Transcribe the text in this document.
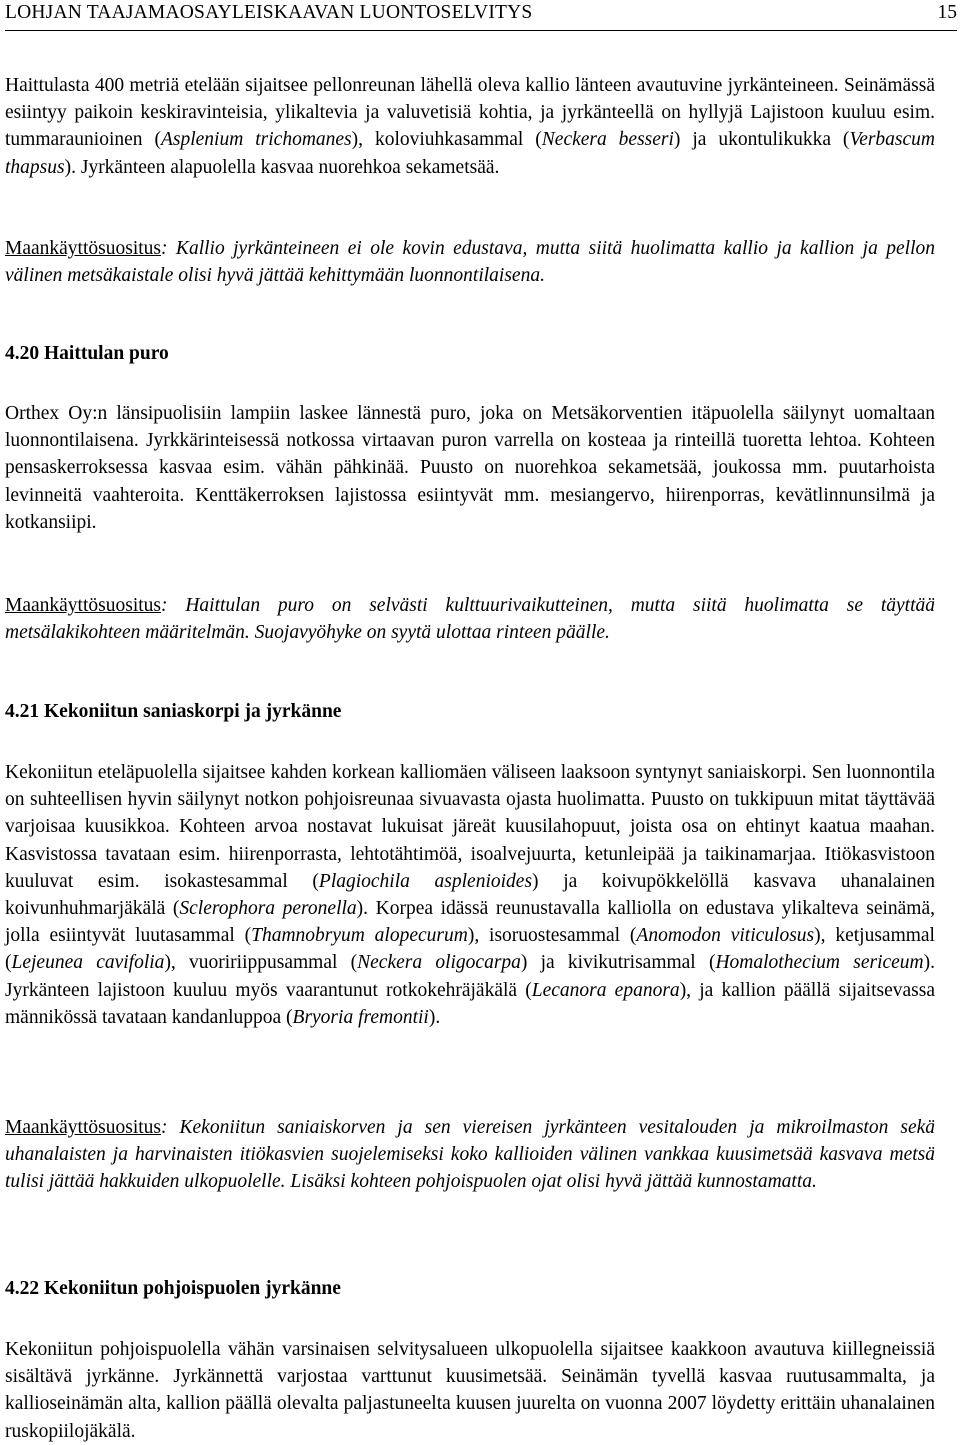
LOHJAN TAAJAMAOSAYLEISKAAVAN LUONTOSELVITYS	15
Haittulasta 400 metriä etelään sijaitsee pellonreunan lähellä oleva kallio länteen avautuvine jyrkänteineen. Seinämässä esiintyy paikoin keskiravinteisia, ylikaltevia ja valuvetisiä kohtia, ja jyrkänteellä on hyllyjä Lajistoon kuuluu esim. tummaraunioinen (Asplenium trichomanes), koloviuhkasammal (Neckera besseri) ja ukontulikukka (Verbascum thapsus). Jyrkänteen alapuolella kasvaa nuorehkoa sekametsää.
Maankäyttösuositus: Kallio jyrkänteineen ei ole kovin edustava, mutta siitä huolimatta kallio ja kallion ja pellon välinen metsäkaistale olisi hyvä jättää kehittymään luonnontilaisena.
4.20 Haittulan puro
Orthex Oy:n länsipuolisiin lampiin laskee lännestä puro, joka on Metsäkorventien itäpuolella säilynyt uomaltaan luonnontilaisena. Jyrkkärinteisessä notkossa virtaavan puron varrella on kosteaa ja rinteillä tuoretta lehtoa. Kohteen pensaskerroksessa kasvaa esim. vähän pähkinää. Puusto on nuorehkoa sekametsää, joukossa mm. puutarhoista levinneitä vaahteroita. Kenttäkerroksen lajistossa esiintyvät mm. mesiangervo, hiirenporras, kevätlinnunsilmä ja kotkansiipi.
Maankäyttösuositus: Haittulan puro on selvästi kulttuurivaikutteinen, mutta siitä huolimatta se täyttää metsälakikohteen määritelmän. Suojavyöhyke on syytä ulottaa rinteen päälle.
4.21 Kekoniitun saniaskorpi ja jyrkänne
Kekoniitun eteläpuolella sijaitsee kahden korkean kalliomäen väliseen laaksoon syntynyt saniaiskorpi. Sen luonnontila on suhteellisen hyvin säilynyt notkon pohjoisreunaa sivuavasta ojasta huolimatta. Puusto on tukkipuun mitat täyttävää varjoisaa kuusikkoa. Kohteen arvoa nostavat lukuisat järeät kuusilahopuut, joista osa on ehtinyt kaatua maahan. Kasvistossa tavataan esim. hiirenporrasta, lehtotähtimöä, isoalvejuurta, ketunleipää ja taikinamarjaa. Itiökasvistoon kuuluvat esim. isokastesammal (Plagiochila asplenioides) ja koivupökkelöllä kasvava uhanalainen koivunhuhmarjäkälä (Sclerophora peronella). Korpea idässä reunustavalla kalliolla on edustava ylikalteva seinämä, jolla esiintyvät luutasammal (Thamnobryum alopecurum), isoruostesammal (Anomodon viticulosus), ketjusammal (Lejeunea cavifolia), vuoririippusammal (Neckera oligocarpa) ja kivikutrisammal (Homalothecium sericeum). Jyrkänteen lajistoon kuuluu myös vaarantunut rotkokehräjäkälä (Lecanora epanora), ja kallion päällä sijaitsevassa männikössä tavataan kandanluppoa (Bryoria fremontii).
Maankäyttösuositus: Kekoniitun saniaiskorven ja sen viereisen jyrkänteen vesitalouden ja mikroilmaston sekä uhanalaisten ja harvinaisten itiökasvien suojelemiseksi koko kallioiden välinen vankkaa kuusimetsää kasvava metsä tulisi jättää hakkuiden ulkopuolelle. Lisäksi kohteen pohjoispuolen ojat olisi hyvä jättää kunnostamatta.
4.22 Kekoniitun pohjoispuolen jyrkänne
Kekoniitun pohjoispuolella vähän varsinaisen selvitysalueen ulkopuolella sijaitsee kaakkoon avautuva kiillegneissiä sisältävä jyrkänne. Jyrkännettä varjostaa varttunut kuusimetsää. Seinämän tyvellä kasvaa ruutusammalta, ja kallioseinämän alta, kallion päällä olevalta paljastuneelta kuusen juurelta on vuonna 2007 löydetty erittäin uhanalainen ruskopiilojäkälä.
